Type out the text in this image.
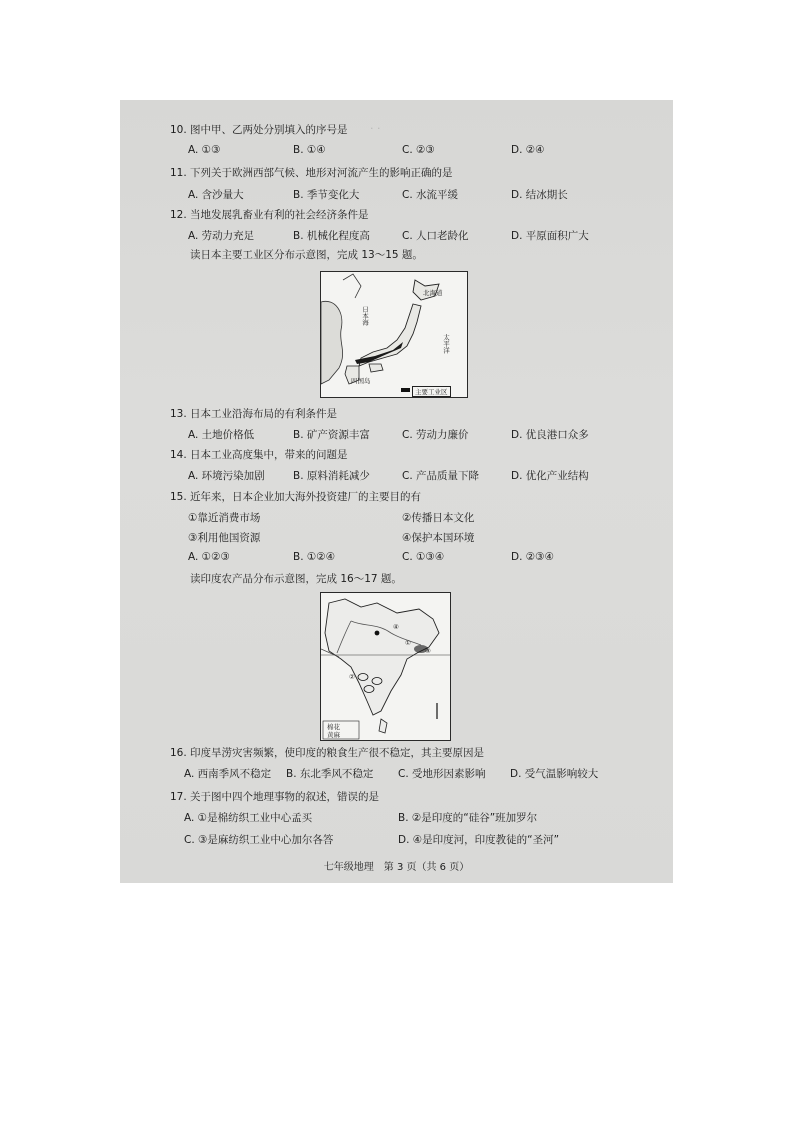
· ·
10. 图中甲、乙两处分别填入的序号是
A. ①③	B. ①④	C. ②③	D. ②④
11. 下列关于欧洲西部气候、地形对河流产生的影响正确的是
A. 含沙量大	B. 季节变化大	C. 水流平缓	D. 结冰期长
12. 当地发展乳畜业有利的社会经济条件是
A. 劳动力充足	B. 机械化程度高	C. 人口老龄化	D. 平原面积广大
读日本主要工业区分布示意图，完成 13～15 题。
日本海
北海道
太平洋
四国岛
主要工业区
13. 日本工业沿海布局的有利条件是
A. 土地价格低	B. 矿产资源丰富	C. 劳动力廉价	D. 优良港口众多
14. 日本工业高度集中，带来的问题是
A. 环境污染加剧	B. 原料消耗减少	C. 产品质量下降	D. 优化产业结构
15. 近年来，日本企业加大海外投资建厂的主要目的有
①靠近消费市场	②传播日本文化
③利用他国资源	④保护本国环境
A. ①②③	B. ①②④	C. ①③④	D. ②③④
读印度农产品分布示意图，完成 16～17 题。
①
③
②
④
棉花
黄麻
16. 印度旱涝灾害频繁，使印度的粮食生产很不稳定，其主要原因是
A. 西南季风不稳定 B. 东北季风不稳定 C. 受地形因素影响 D. 受气温影响较大
17. 关于图中四个地理事物的叙述，错误的是
A. ①是棉纺织工业中心孟买	B. ②是印度的“硅谷”班加罗尔
C. ③是麻纺织工业中心加尔各答	D. ④是印度河，印度教徒的“圣河”
七年级地理　第 3 页（共 6 页）
